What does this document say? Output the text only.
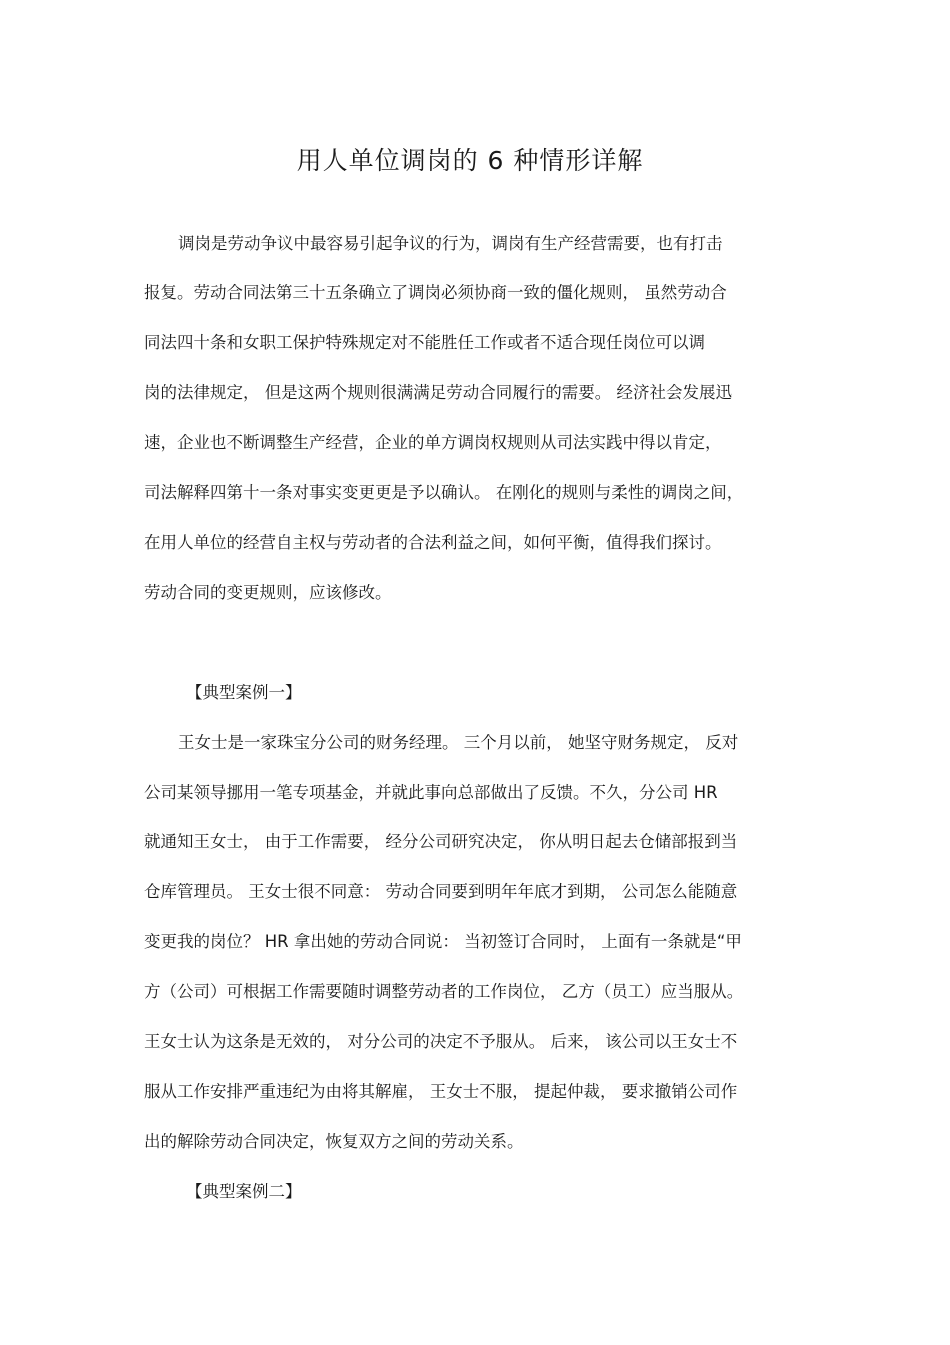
用人单位调岗的 6 种情形详解
调岗是劳动争议中最容易引起争议的行为，调岗有生产经营需要，也有打击
报复。劳动合同法第三十五条确立了调岗必须协商一致的僵化规则， 虽然劳动合
同法四十条和女职工保护特殊规定对不能胜任工作或者不适合现任岗位可以调
岗的法律规定， 但是这两个规则很满满足劳动合同履行的需要。 经济社会发展迅
速，企业也不断调整生产经营，企业的单方调岗权规则从司法实践中得以肯定，
司法解释四第十一条对事实变更更是予以确认。 在刚化的规则与柔性的调岗之间，
在用人单位的经营自主权与劳动者的合法利益之间，如何平衡，值得我们探讨。
劳动合同的变更规则，应该修改。
【典型案例一】
王女士是一家珠宝分公司的财务经理。 三个月以前， 她坚守财务规定， 反对
公司某领导挪用一笔专项基金，并就此事向总部做出了反馈。不久，分公司 HR
就通知王女士， 由于工作需要， 经分公司研究决定， 你从明日起去仓储部报到当
仓库管理员。 王女士很不同意： 劳动合同要到明年年底才到期， 公司怎么能随意
变更我的岗位？ HR 拿出她的劳动合同说： 当初签订合同时， 上面有一条就是“甲
方（公司）可根据工作需要随时调整劳动者的工作岗位， 乙方（员工）应当服从。
王女士认为这条是无效的， 对分公司的决定不予服从。 后来， 该公司以王女士不
服从工作安排严重违纪为由将其解雇， 王女士不服， 提起仲裁， 要求撤销公司作
出的解除劳动合同决定，恢复双方之间的劳动关系。
【典型案例二】
